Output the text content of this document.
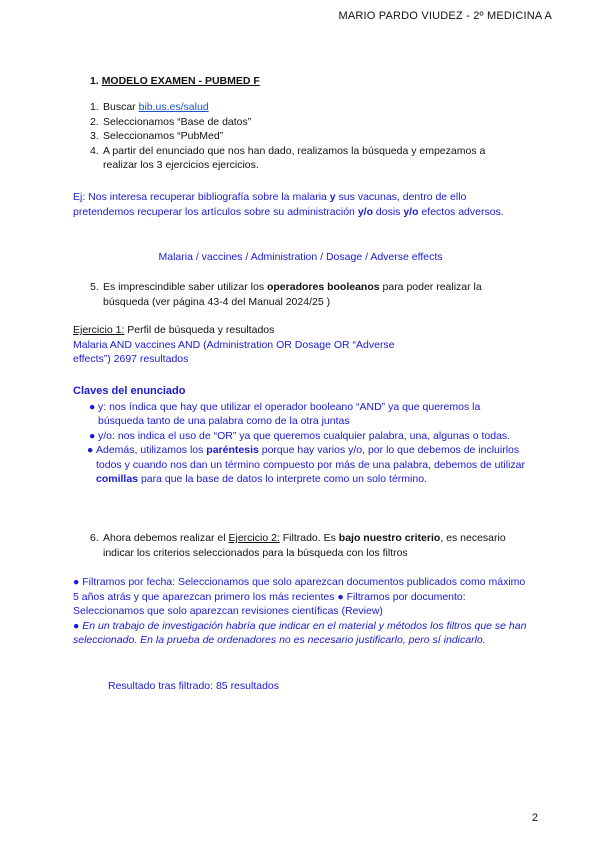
MARIO PARDO VIUDEZ - 2º MEDICINA A
1. MODELO EXAMEN - PUBMED F
1. Buscar bib.us.es/salud
2. Seleccionamos “Base de datos”
3. Seleccionamos “PubMed”
4. A partir del enunciado que nos han dado, realizamos la búsqueda y empezamos a realizar los 3 ejercicios ejercicios.
Ej: Nos interesa recuperar bibliografía sobre la malaria y sus vacunas, dentro de ello pretendemos recuperar los artículos sobre su administración y/o dosis y/o efectos adversos.
Malaria / vaccines / Administration / Dosage / Adverse effects
5. Es imprescindible saber utilizar los operadores booleanos para poder realizar la búsqueda (ver página 43-4 del Manual 2024/25 )
Ejercicio 1: Perfil de búsqueda y resultados
Malaria AND vaccines AND (Administration OR Dosage OR “Adverse effects”) 2697 resultados
Claves del enunciado
● y: nos índica que hay que utilizar el operador booleano “AND” ya que queremos la búsqueda tanto de una palabra como de la otra juntas
● y/o: nos indica el uso de “OR” ya que queremos cualquier palabra, una, algunas o todas.
● Además, utilizamos los paréntesis porque hay varios y/o, por lo que debemos de incluirlos todos y cuando nos dan un término compuesto por más de una palabra, debemos de utilizar comillas para que la base de datos lo interprete como un solo término.
6. Ahora debemos realizar el Ejercicio 2: Filtrado. Es bajo nuestro criterio, es necesario indicar los criterios seleccionados para la búsqueda con los filtros
● Filtramos por fecha: Seleccionamos que solo aparezcan documentos publicados como máximo 5 años atrás y que aparezcan primero los más recientes ● Filtramos por documento: Seleccionamos que solo aparezcan revisiones científicas (Review)
● En un trabajo de investigación habría que indicar en el material y métodos los filtros que se han seleccionado. En la prueba de ordenadores no es necesario justificarlo, pero sí indicarlo.
Resultado tras filtrado: 85 resultados
2
